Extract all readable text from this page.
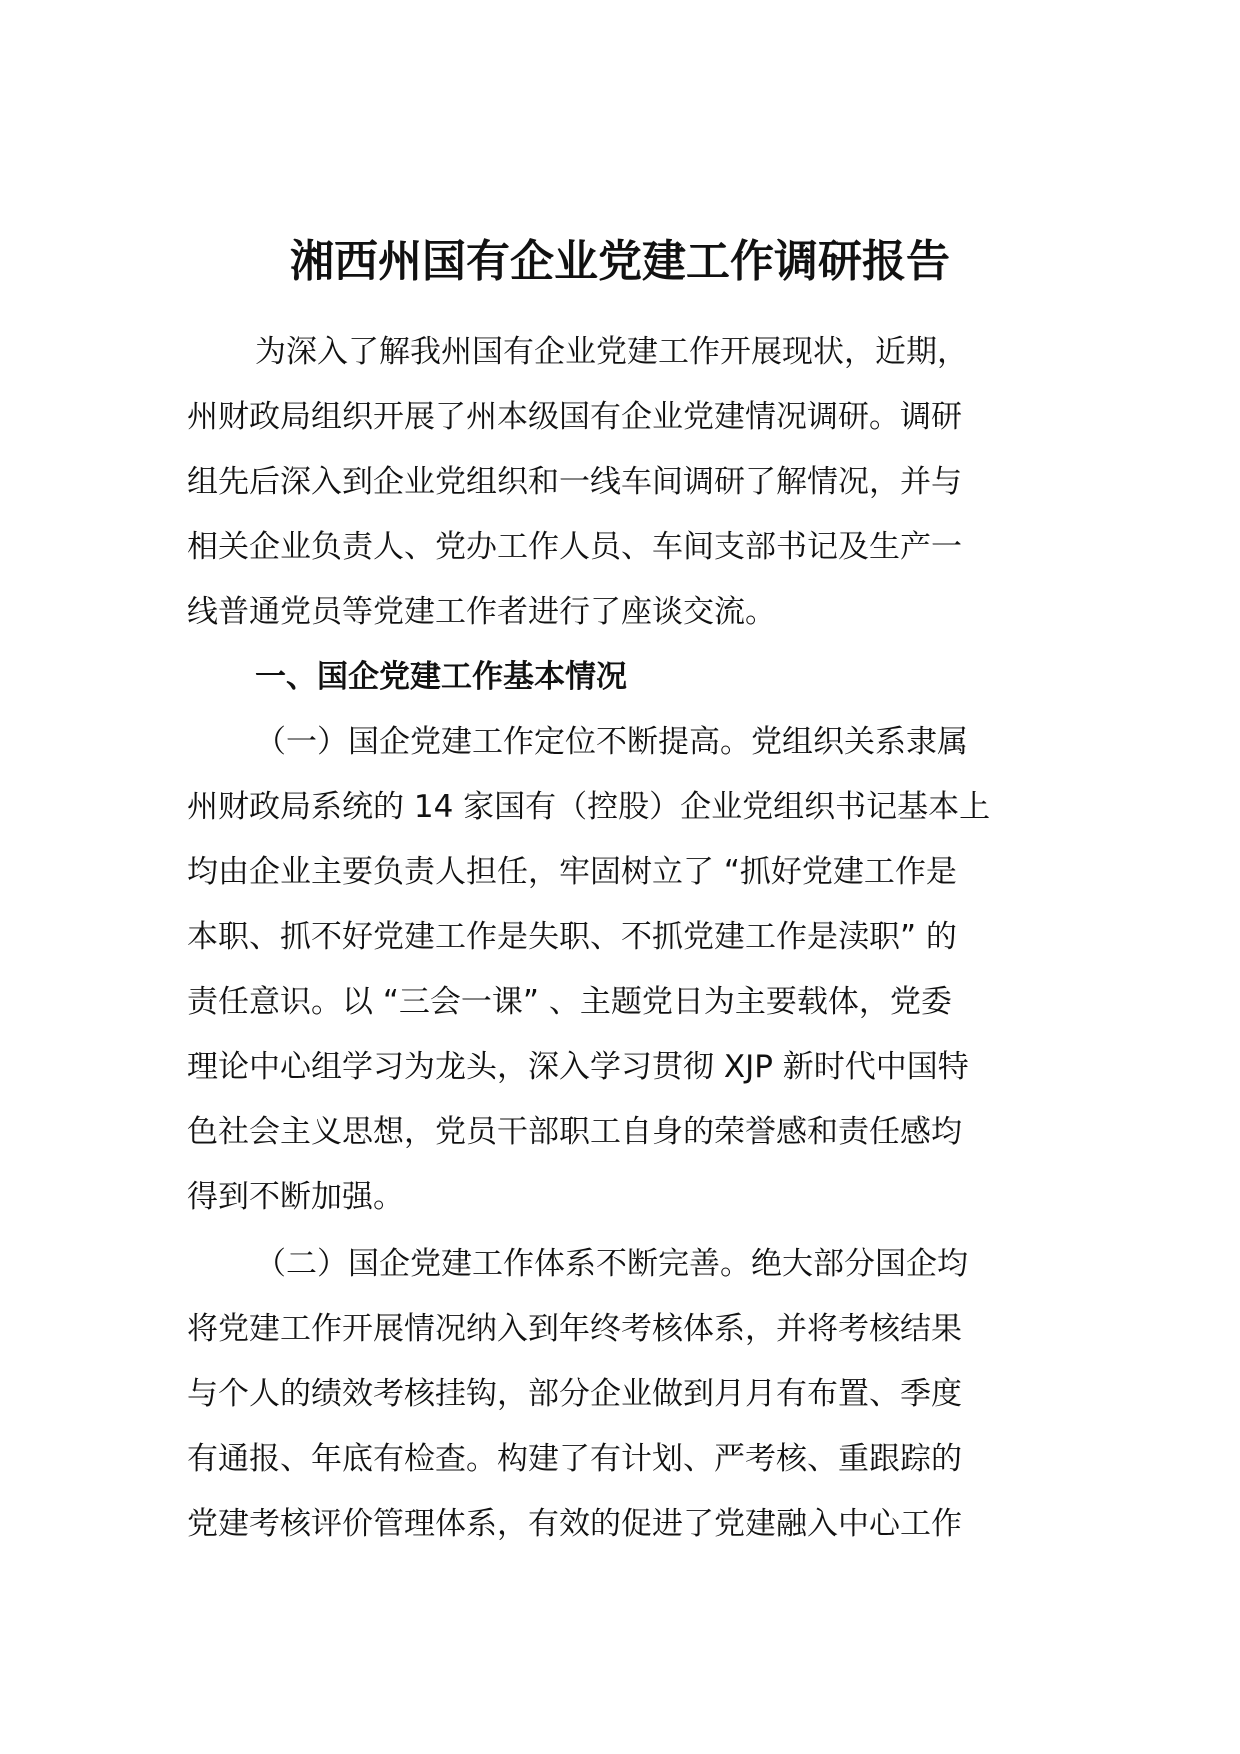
湘西州国有企业党建工作调研报告
为深入了解我州国有企业党建工作开展现状，近期，
州财政局组织开展了州本级国有企业党建情况调研。调研
组先后深入到企业党组织和一线车间调研了解情况，并与
相关企业负责人、党办工作人员、车间支部书记及生产一
线普通党员等党建工作者进行了座谈交流。
一、国企党建工作基本情况
（一）国企党建工作定位不断提高。党组织关系隶属
州财政局系统的 14 家国有（控股）企业党组织书记基本上
均由企业主要负责人担任，牢固树立了 “抓好党建工作是
本职、抓不好党建工作是失职、不抓党建工作是渎职” 的
责任意识。以 “三会一课” 、主题党日为主要载体，党委
理论中心组学习为龙头，深入学习贯彻 XJP 新时代中国特
色社会主义思想，党员干部职工自身的荣誉感和责任感均
得到不断加强。
（二）国企党建工作体系不断完善。绝大部分国企均
将党建工作开展情况纳入到年终考核体系，并将考核结果
与个人的绩效考核挂钩，部分企业做到月月有布置、季度
有通报、年底有检查。构建了有计划、严考核、重跟踪的
党建考核评价管理体系，有效的促进了党建融入中心工作
